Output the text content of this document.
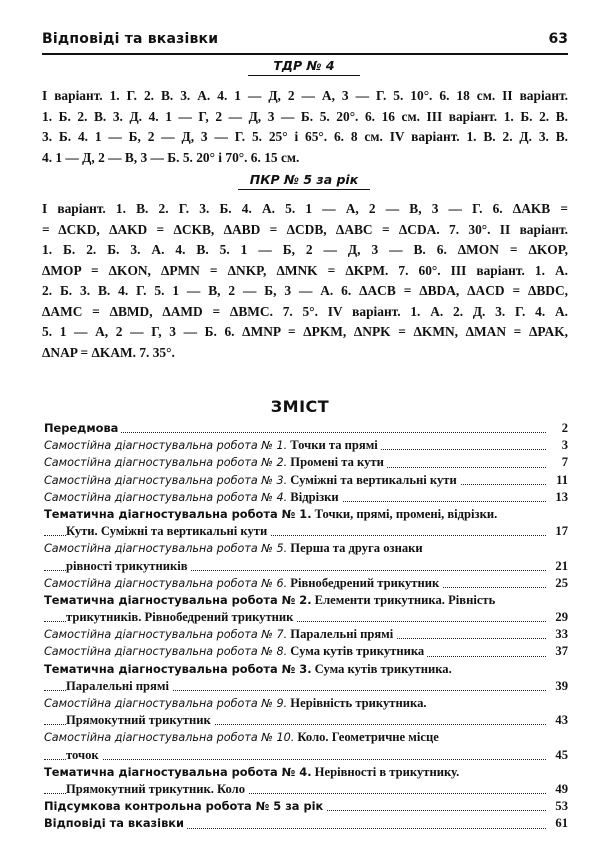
Відповіді та вказівки	63
ТДР № 4
I варіант. 1. Г. 2. В. 3. А. 4. 1 — Д, 2 — А, 3 — Г. 5. 10°. 6. 18 см. II варіант.
1. Б. 2. В. 3. Д. 4. 1 — Г, 2 — Д, 3 — Б. 5. 20°. 6. 16 см. III варіант. 1. Б. 2. В.
3. Б. 4. 1 — Б, 2 — Д, 3 — Г. 5. 25° і 65°. 6. 8 см. IV варіант. 1. В. 2. Д. 3. В.
4. 1 — Д, 2 — В, 3 — Б. 5. 20° і 70°. 6. 15 см.
ПКР № 5 за рік
I варіант. 1. В. 2. Г. 3. Б. 4. А. 5. 1 — А, 2 — В, 3 — Г. 6. ΔAKB =
= ΔCKD, ΔAKD = ΔCKB, ΔABD = ΔCDB, ΔABC = ΔCDA. 7. 30°. II варіант.
1. Б. 2. Б. 3. А. 4. В. 5. 1 — Б, 2 — Д, 3 — В. 6. ΔMON = ΔKOP,
ΔMOP = ΔKON, ΔPMN = ΔNKP, ΔMNK = ΔKPM. 7. 60°. III варіант. 1. А.
2. Б. 3. В. 4. Г. 5. 1 — В, 2 — Б, 3 — А. 6. ΔACB = ΔBDA, ΔACD = ΔBDC,
ΔAMC = ΔBMD, ΔAMD = ΔBMC. 7. 5°. IV варіант. 1. А. 2. Д. 3. Г. 4. А.
5. 1 — А, 2 — Г, 3 — Б. 6. ΔMNP = ΔPKM, ΔNPK = ΔKMN, ΔMAN = ΔPAK,
ΔNAP = ΔKAM. 7. 35°.
ЗМІСТ
Передмова	2
Самостійна діагностувальна робота № 1. Точки та прямі	3
Самостійна діагностувальна робота № 2. Промені та кути	7
Самостійна діагностувальна робота № 3. Суміжні та вертикальні кути	11
Самостійна діагностувальна робота № 4. Відрізки	13
Тематична діагностувальна робота № 1. Точки, прямі, промені, відрізки.
Кути. Суміжні та вертикальні кути	17
Самостійна діагностувальна робота № 5. Перша та друга ознаки
рівності трикутників	21
Самостійна діагностувальна робота № 6. Рівнобедрений трикутник	25
Тематична діагностувальна робота № 2. Елементи трикутника. Рівність
трикутників. Рівнобедрений трикутник	29
Самостійна діагностувальна робота № 7. Паралельні прямі	33
Самостійна діагностувальна робота № 8. Сума кутів трикутника	37
Тематична діагностувальна робота № 3. Сума кутів трикутника.
Паралельні прямі	39
Самостійна діагностувальна робота № 9. Нерівність трикутника.
Прямокутний трикутник	43
Самостійна діагностувальна робота № 10. Коло. Геометричне місце
точок	45
Тематична діагностувальна робота № 4. Нерівності в трикутнику.
Прямокутний трикутник. Коло	49
Підсумкова контрольна робота № 5 за рік	53
Відповіді та вказівки	61
